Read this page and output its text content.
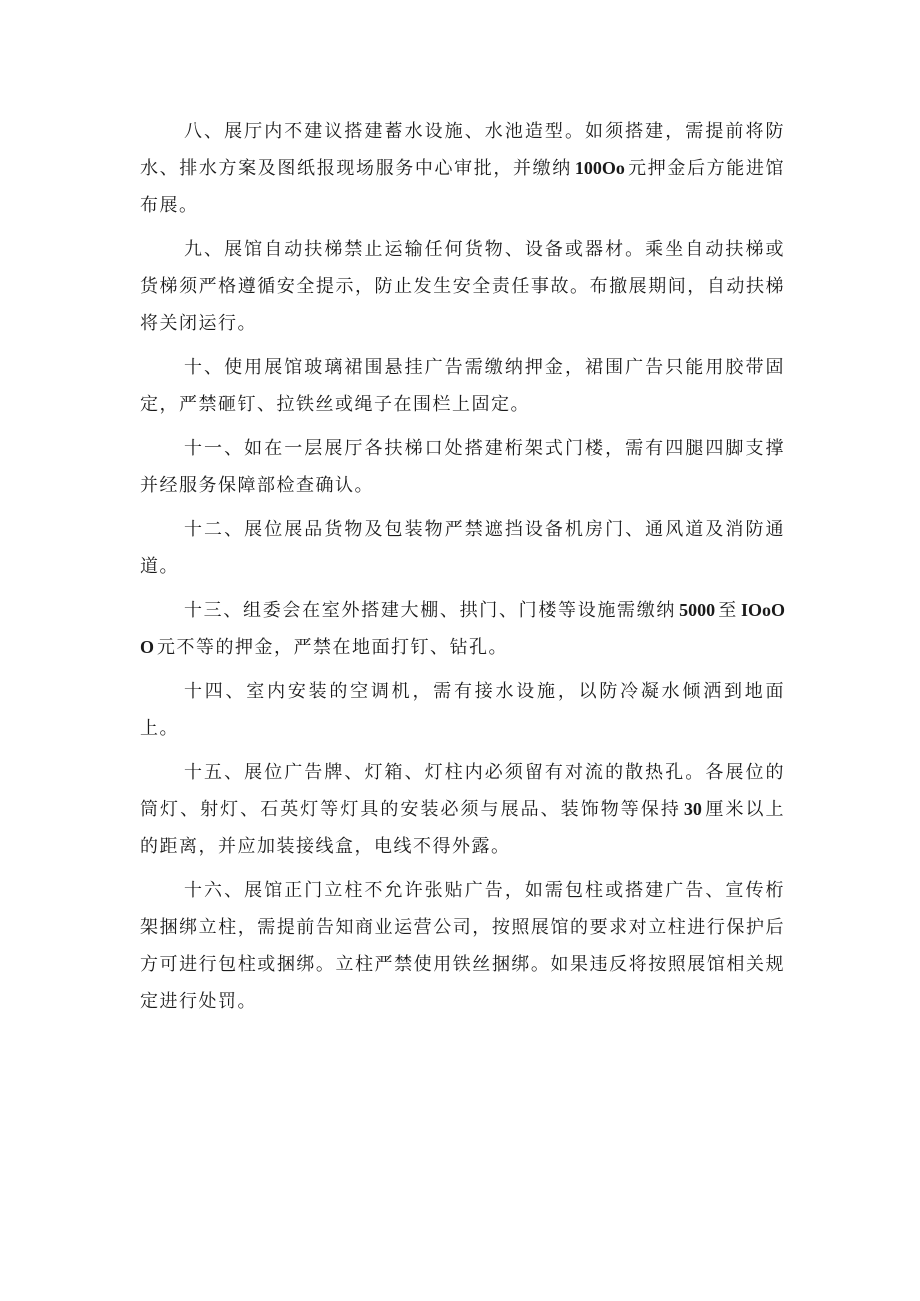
八、展厅内不建议搭建蓄水设施、水池造型。如须搭建，需提前将防水、排水方案及图纸报现场服务中心审批，并缴纳 100Oo 元押金后方能进馆布展。

九、展馆自动扶梯禁止运输任何货物、设备或器材。乘坐自动扶梯或货梯须严格遵循安全提示，防止发生安全责任事故。布撤展期间，自动扶梯将关闭运行。

十、使用展馆玻璃裙围悬挂广告需缴纳押金，裙围广告只能用胶带固定，严禁砸钉、拉铁丝或绳子在围栏上固定。

十一、如在一层展厅各扶梯口处搭建桁架式门楼，需有四腿四脚支撑并经服务保障部检查确认。

十二、展位展品货物及包装物严禁遮挡设备机房门、通风道及消防通道。

十三、组委会在室外搭建大棚、拱门、门楼等设施需缴纳 5000 至 IOoOO 元不等的押金，严禁在地面打钉、钻孔。

十四、室内安装的空调机，需有接水设施，以防冷凝水倾洒到地面上。

十五、展位广告牌、灯箱、灯柱内必须留有对流的散热孔。各展位的筒灯、射灯、石英灯等灯具的安装必须与展品、装饰物等保持 30 厘米以上的距离，并应加装接线盒，电线不得外露。

十六、展馆正门立柱不允许张贴广告，如需包柱或搭建广告、宣传桁架捆绑立柱，需提前告知商业运营公司，按照展馆的要求对立柱进行保护后方可进行包柱或捆绑。立柱严禁使用铁丝捆绑。如果违反将按照展馆相关规定进行处罚。
